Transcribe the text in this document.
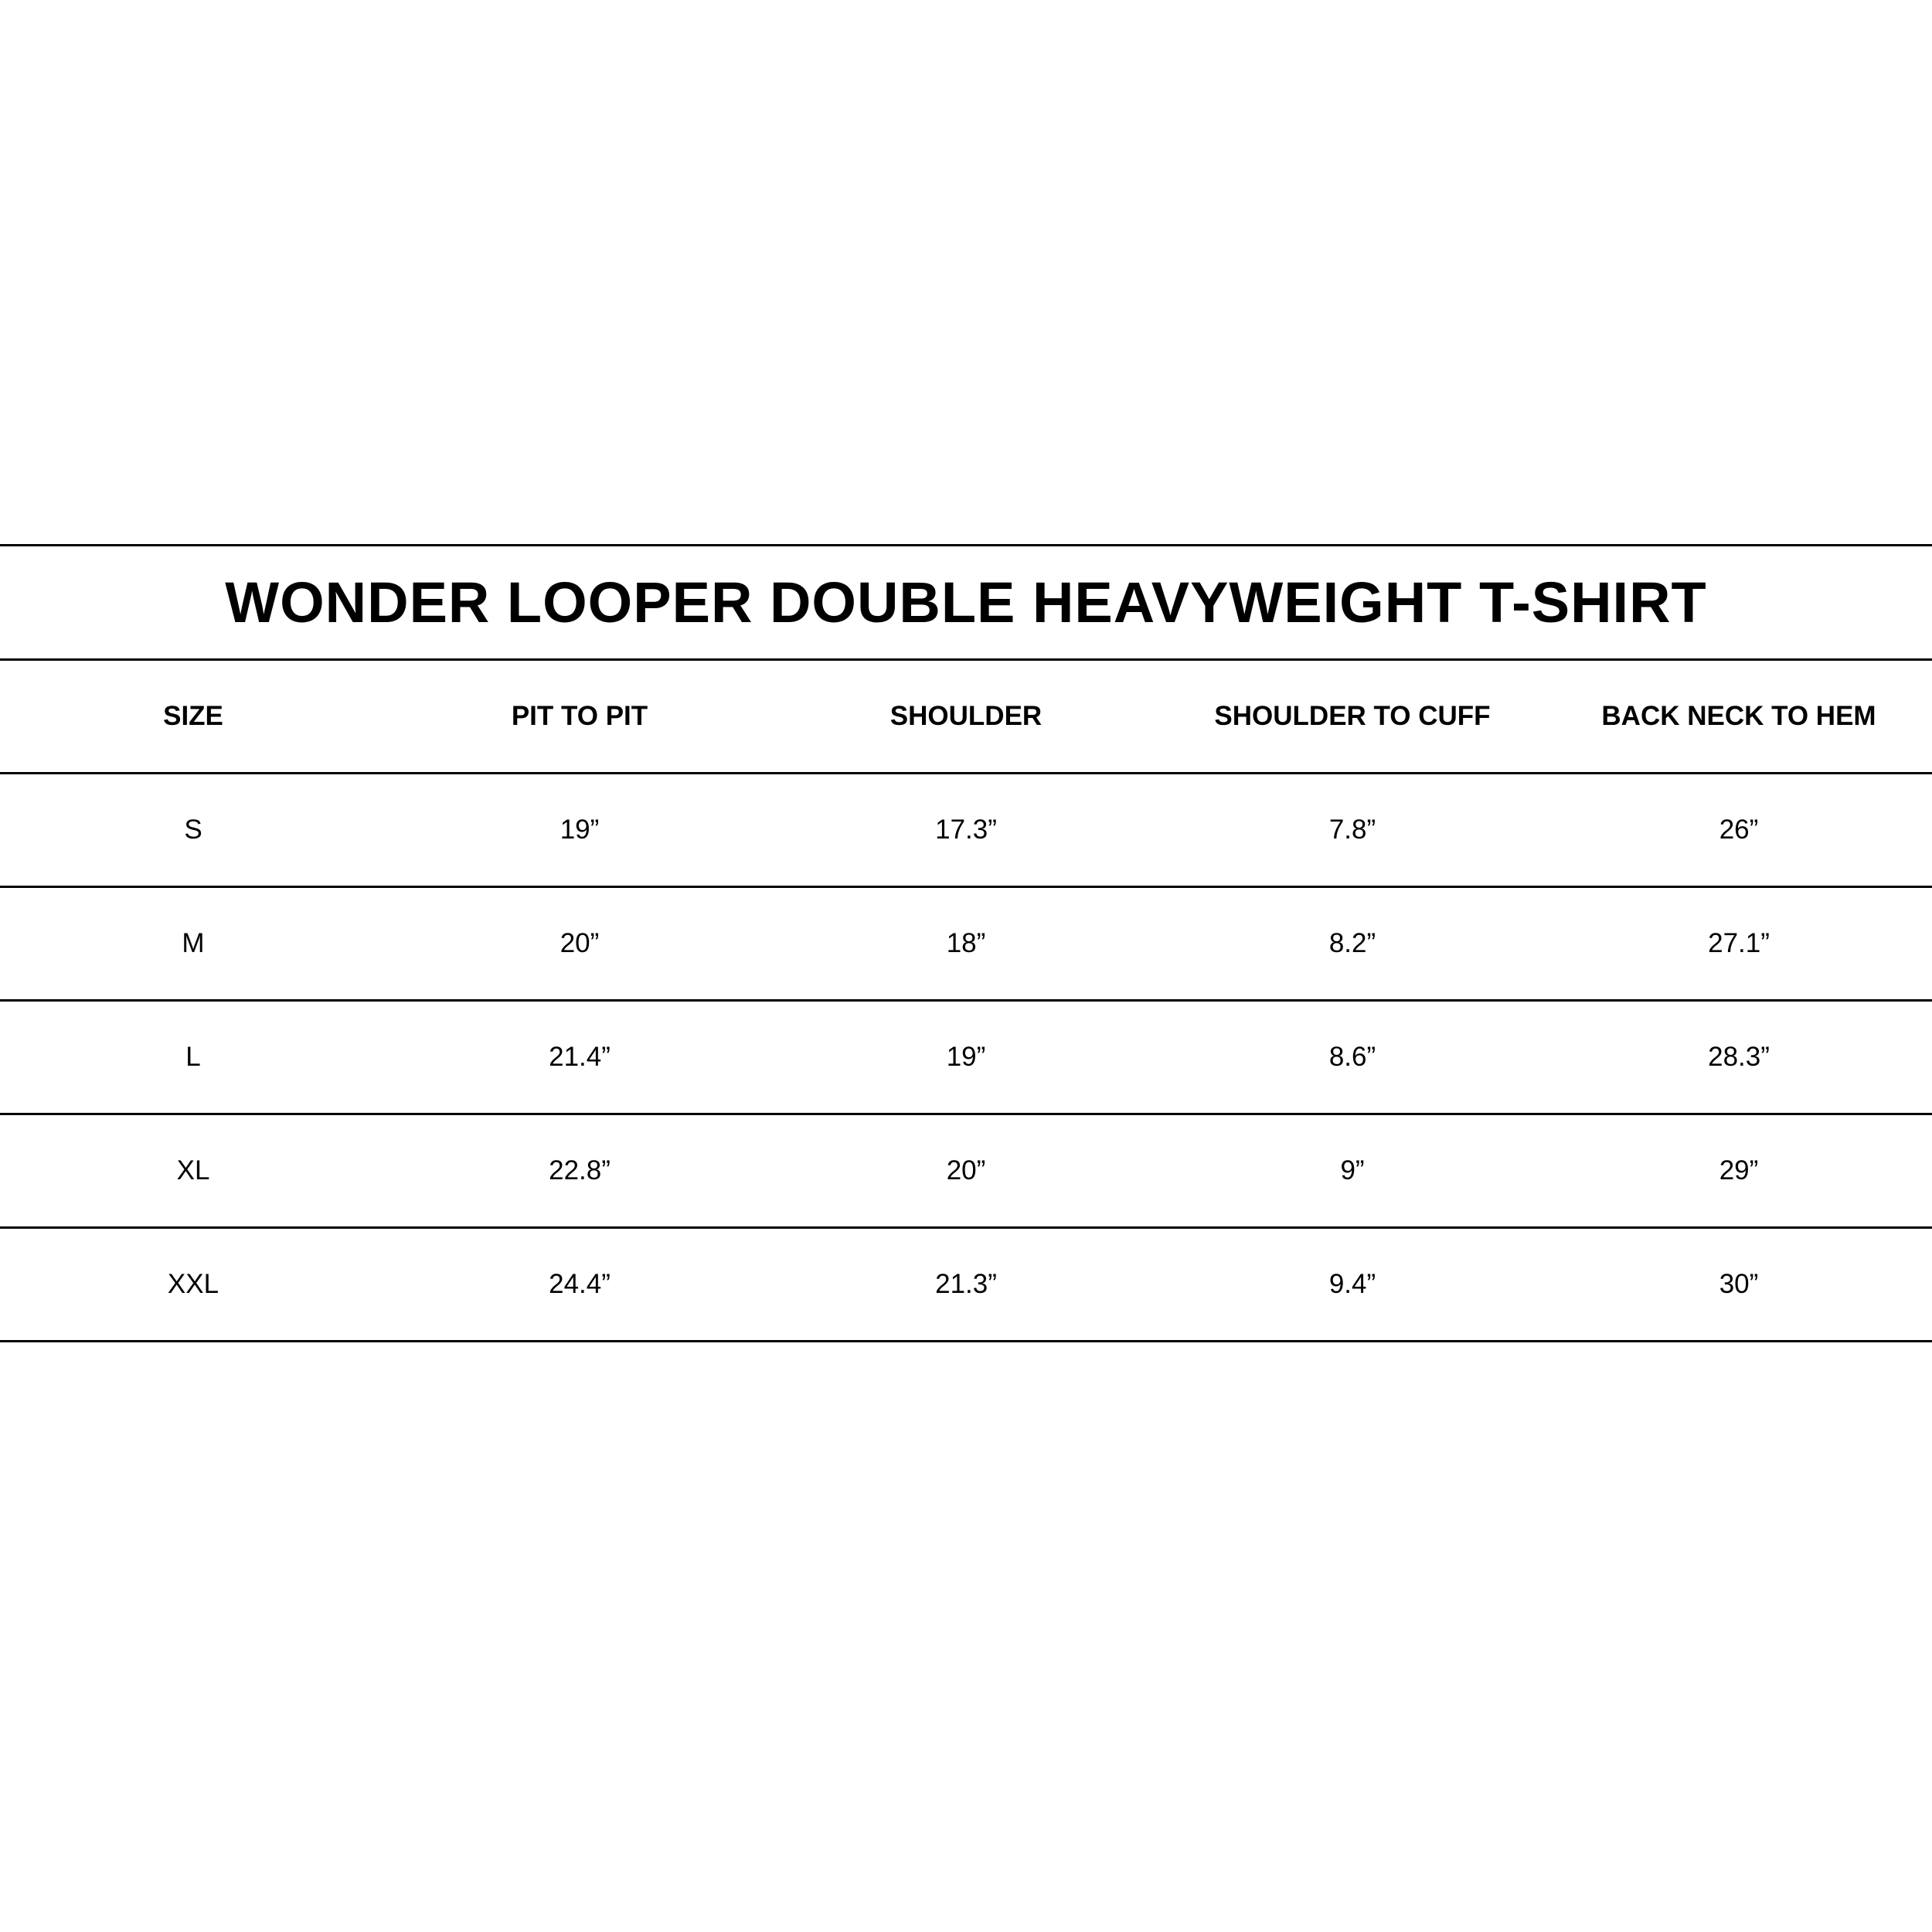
WONDER LOOPER DOUBLE HEAVYWEIGHT T-SHIRT
SIZE	PIT TO PIT	SHOULDER	SHOULDER TO CUFF	BACK NECK TO HEM
S	19”	17.3”	7.8”	26”
M	20”	18”	8.2”	27.1”
L	21.4”	19”	8.6”	28.3”
XL	22.8”	20”	9”	29”
XXL	24.4”	21.3”	9.4”	30”
